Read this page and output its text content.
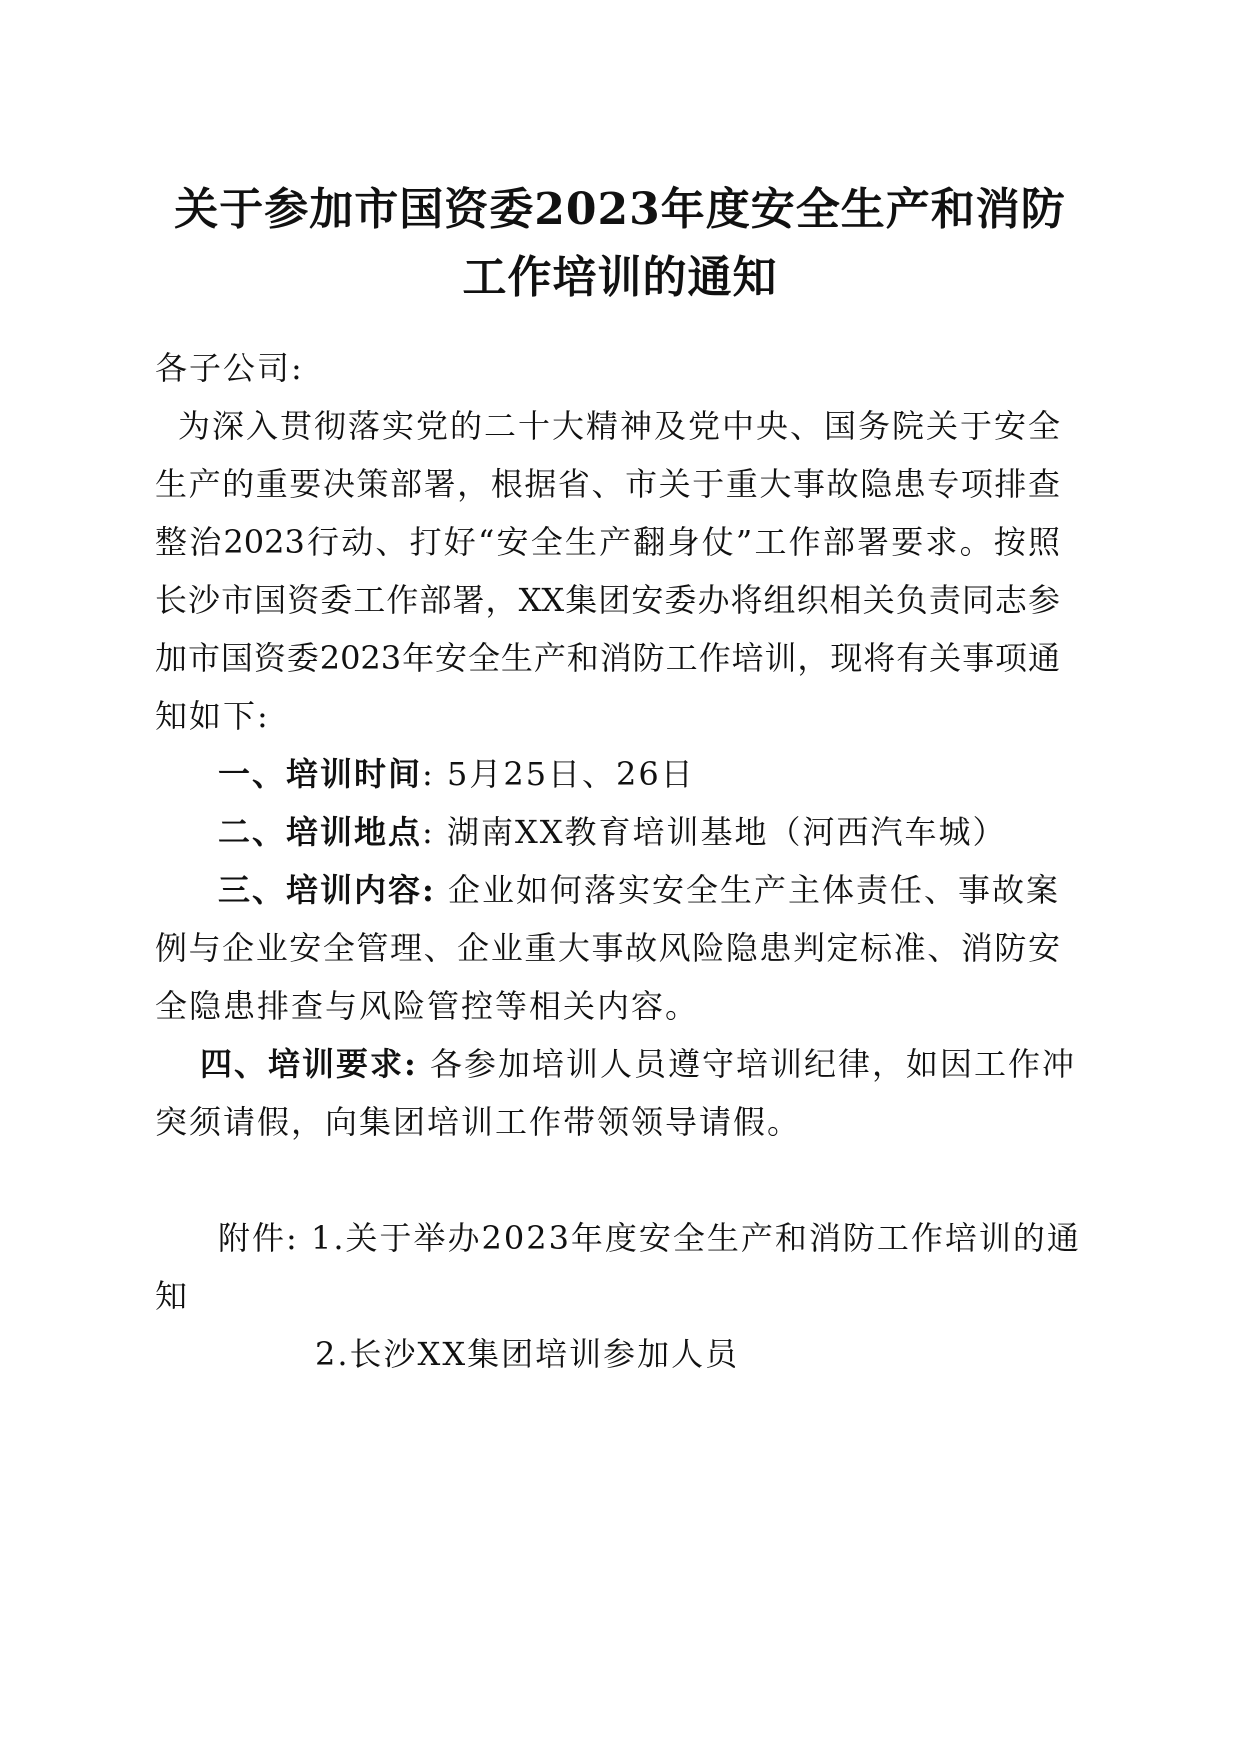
关于参加市国资委2023年度安全生产和消防
工作培训的通知
各子公司:
为深入贯彻落实党的二十大精神及党中央、国务院关于安全
生产的重要决策部署，根据省、市关于重大事故隐患专项排查
整治2023行动、打好“安全生产翻身仗”工作部署要求。按照
长沙市国资委工作部署，XX集团安委办将组织相关负责同志参
加市国资委2023年安全生产和消防工作培训，现将有关事项通
知如下:
一、培训时间: 5月25日、26日
二、培训地点: 湖南XX教育培训基地（河西汽车城）
三、培训内容: 企业如何落实安全生产主体责任、事故案
例与企业安全管理、企业重大事故风险隐患判定标准、消防安
全隐患排查与风险管控等相关内容。
四、培训要求: 各参加培训人员遵守培训纪律，如因工作冲
突须请假，向集团培训工作带领领导请假。
附件: 1.关于举办2023年度安全生产和消防工作培训的通
知
2.长沙XX集团培训参加人员
